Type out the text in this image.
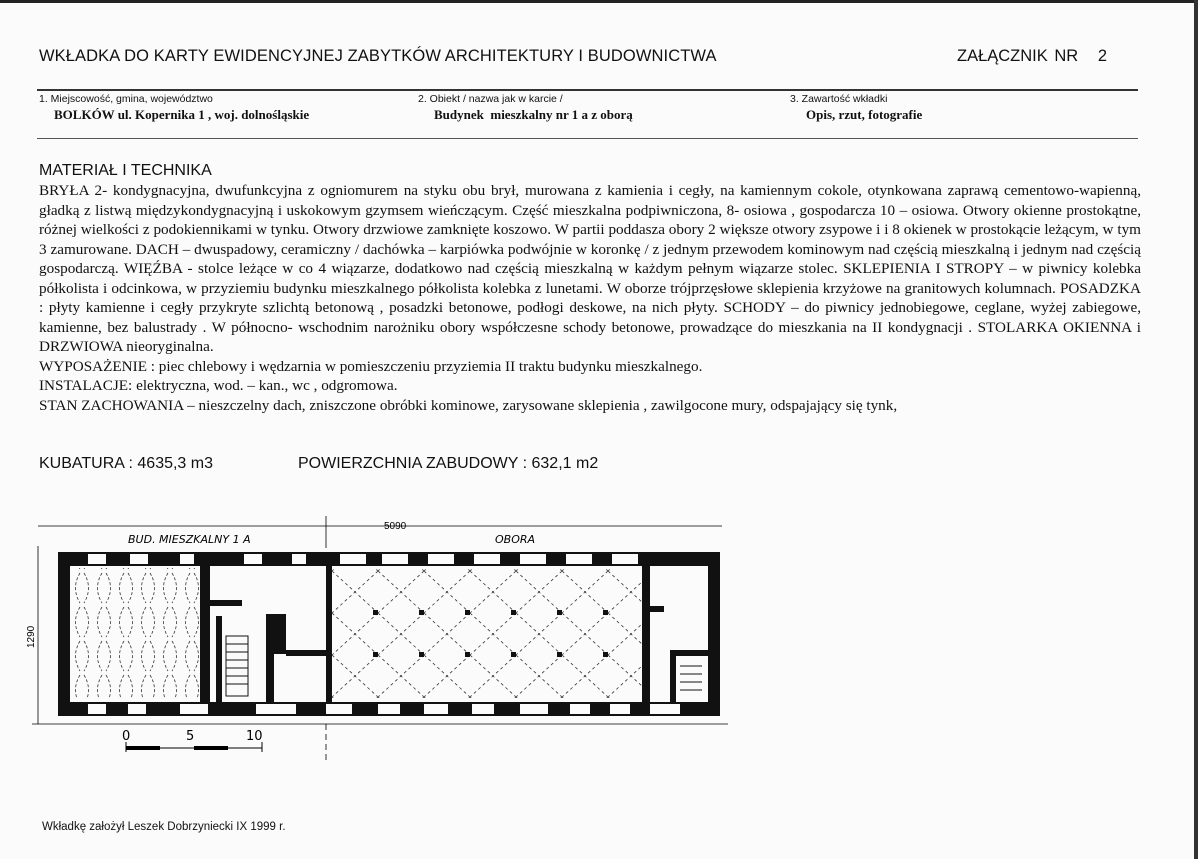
WKŁADKA DO KARTY EWIDENCYJNEJ ZABYTKÓW ARCHITEKTURY I BUDOWNICTWA	ZAŁĄCZNIK NR   2
1. Miejscowość, gmina, województwo
BOLKÓW ul. Kopernika 1 , woj. dolnośląskie
2. Obiekt / nazwa jak w karcie /
Budynek  mieszkalny nr 1 a z oborą
3. Zawartość wkładki
Opis, rzut, fotografie
MATERIAŁ I TECHNIKA

BRYŁA 2- kondygnacyjna, dwufunkcyjna z ogniomurem na styku obu brył, murowana z kamienia i cegły, na kamiennym cokole, otynkowana zaprawą cementowo-wapienną, gładką z listwą międzykondygnacyjną i uskokowym gzymsem wieńczącym. Część mieszkalna podpiwniczona, 8- osiowa , gospodarcza 10 – osiowa. Otwory okienne prostokątne, różnej wielkości z podokiennikami w tynku. Otwory drzwiowe zamknięte koszowo. W partii poddasza obory 2 większe otwory zsypowe i i 8 okienek w prostokącie leżącym, w tym 3 zamurowane. DACH – dwuspadowy, ceramiczny / dachówka – karpiówka podwójnie w koronkę / z jednym przewodem kominowym nad częścią mieszkalną i jednym nad częścią gospodarczą. WIĘŹBA - stolce leżące w co 4 wiązarze, dodatkowo nad częścią mieszkalną w każdym pełnym wiązarze stolec. SKLEPIENIA I STROPY – w piwnicy kolebka półkolista i odcinkowa, w przyziemiu budynku mieszkalnego półkolista kolebka z lunetami. W oborze trójprzęsłowe sklepienia krzyżowe na granitowych kolumnach. POSADZKA : płyty kamienne i cegły przykryte szlichtą betonową , posadzki betonowe, podłogi deskowe, na nich płyty. SCHODY – do piwnicy jednobiegowe, ceglane, wyżej zabiegowe, kamienne, bez balustrady . W północno- wschodnim narożniku obory współczesne schody betonowe, prowadzące do mieszkania na II kondygnacji . STOLARKA OKIENNA i DRZWIOWA nieoryginalna.

WYPOSAŻENIE : piec chlebowy i wędzarnia w pomieszczeniu przyziemia II traktu budynku mieszkalnego.

INSTALACJE: elektryczna, wod. – kan., wc , odgromowa.

STAN ZACHOWANIA – nieszczelny dach, zniszczone obróbki kominowe, zarysowane sklepienia , zawilgocone mury, odspajający się tynk,

KUBATURA : 4635,3 m3	POWIERZCHNIA ZABUDOWY : 632,1 m2
5090
1290
BUD. MIESZKALNY 1 A	OBORA
0	5	10
Wkładkę założył Leszek Dobrzyniecki IX 1999 r.
